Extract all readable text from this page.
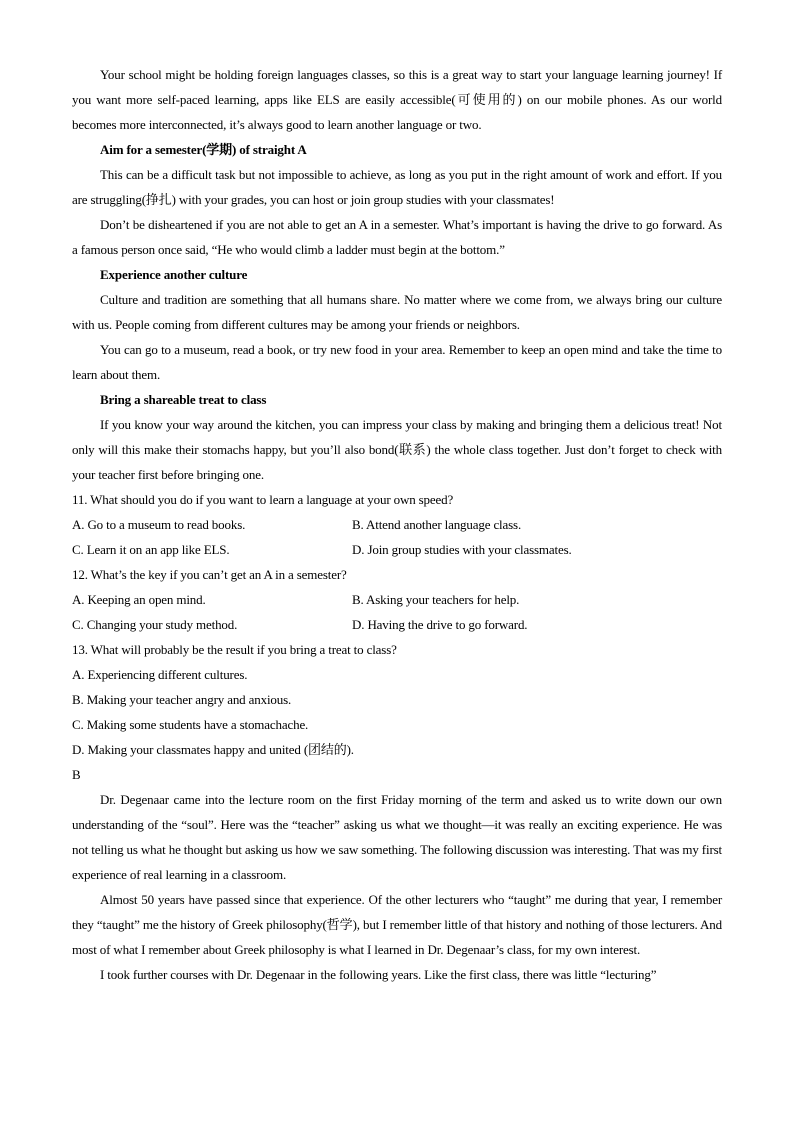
Your school might be holding foreign languages classes, so this is a great way to start your language learning journey! If you want more self-paced learning, apps like ELS are easily accessible(可使用的) on our mobile phones. As our world becomes more interconnected, it’s always good to learn another language or two.

Aim for a semester(学期) of straight A

This can be a difficult task but not impossible to achieve, as long as you put in the right amount of work and effort. If you are struggling(挣扎) with your grades, you can host or join group studies with your classmates!

Don’t be disheartened if you are not able to get an A in a semester. What’s important is having the drive to go forward. As a famous person once said, “He who would climb a ladder must begin at the bottom.”

Experience another culture

Culture and tradition are something that all humans share. No matter where we come from, we always bring our culture with us. People coming from different cultures may be among your friends or neighbors.

You can go to a museum, read a book, or try new food in your area. Remember to keep an open mind and take the time to learn about them.

Bring a shareable treat to class

If you know your way around the kitchen, you can impress your class by making and bringing them a delicious treat! Not only will this make their stomachs happy, but you’ll also bond(联系) the whole class together. Just don’t forget to check with your teacher first before bringing one.

11. What should you do if you want to learn a language at your own speed?

A. Go to a museum to read books.	B. Attend another language class.
C. Learn it on an app like ELS.	D. Join group studies with your classmates.

12. What’s the key if you can’t get an A in a semester?

A. Keeping an open mind.	B. Asking your teachers for help.
C. Changing your study method.	D. Having the drive to go forward.

13. What will probably be the result if you bring a treat to class?

A. Experiencing different cultures.

B. Making your teacher angry and anxious.

C. Making some students have a stomachache.

D. Making your classmates happy and united (团结的).

B

Dr. Degenaar came into the lecture room on the first Friday morning of the term and asked us to write down our own understanding of the “soul”. Here was the “teacher” asking us what we thought—it was really an exciting experience. He was not telling us what he thought but asking us how we saw something. The following discussion was interesting. That was my first experience of real learning in a classroom.

Almost 50 years have passed since that experience. Of the other lecturers who “taught” me during that year, I remember they “taught” me the history of Greek philosophy(哲学), but I remember little of that history and nothing of those lecturers. And most of what I remember about Greek philosophy is what I learned in Dr. Degenaar’s class, for my own interest.

I took further courses with Dr. Degenaar in the following years. Like the first class, there was little “lecturing”
